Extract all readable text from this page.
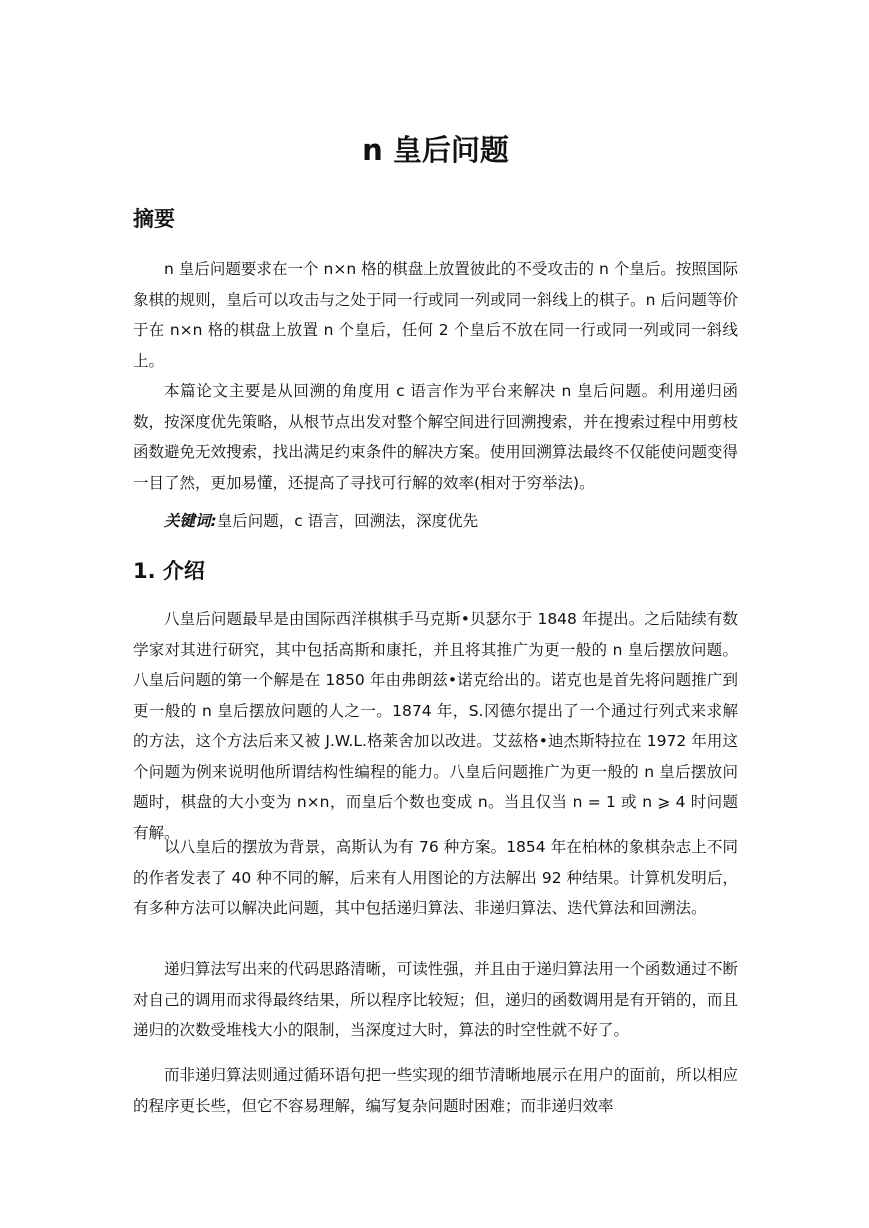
n 皇后问题
摘要

n 皇后问题要求在一个 n×n 格的棋盘上放置彼此的不受攻击的 n 个皇后。按照国际象棋的规则，皇后可以攻击与之处于同一行或同一列或同一斜线上的棋子。n 后问题等价于在 n×n 格的棋盘上放置 n 个皇后，任何 2 个皇后不放在同一行或同一列或同一斜线上。

本篇论文主要是从回溯的角度用 c 语言作为平台来解决 n 皇后问题。利用递归函数，按深度优先策略，从根节点出发对整个解空间进行回溯搜索，并在搜索过程中用剪枝函数避免无效搜索，找出满足约束条件的解决方案。使用回溯算法最终不仅能使问题变得一目了然，更加易懂，还提高了寻找可行解的效率(相对于穷举法)。

关键词:皇后问题，c 语言，回溯法，深度优先

1. 介绍

八皇后问题最早是由国际西洋棋棋手马克斯•贝瑟尔于 1848 年提出。之后陆续有数学家对其进行研究，其中包括高斯和康托，并且将其推广为更一般的 n 皇后摆放问题。八皇后问题的第一个解是在 1850 年由弗朗兹•诺克给出的。诺克也是首先将问题推广到更一般的 n 皇后摆放问题的人之一。1874 年，S.冈德尔提出了一个通过行列式来求解的方法，这个方法后来又被 J.W.L.格莱舍加以改进。艾兹格•迪杰斯特拉在 1972 年用这个问题为例来说明他所谓结构性编程的能力。八皇后问题推广为更一般的 n 皇后摆放问题时，棋盘的大小变为 n×n，而皇后个数也变成 n。当且仅当 n = 1 或 n ⩾ 4 时问题有解。

以八皇后的摆放为背景，高斯认为有 76 种方案。1854 年在柏林的象棋杂志上不同的作者发表了 40 种不同的解，后来有人用图论的方法解出 92 种结果。计算机发明后，有多种方法可以解决此问题，其中包括递归算法、非递归算法、迭代算法和回溯法。

递归算法写出来的代码思路清晰，可读性强，并且由于递归算法用一个函数通过不断对自己的调用而求得最终结果，所以程序比较短；但，递归的函数调用是有开销的，而且递归的次数受堆栈大小的限制，当深度过大时，算法的时空性就不好了。

而非递归算法则通过循环语句把一些实现的细节清晰地展示在用户的面前，所以相应的程序更长些，但它不容易理解，编写复杂问题时困难；而非递归效率
